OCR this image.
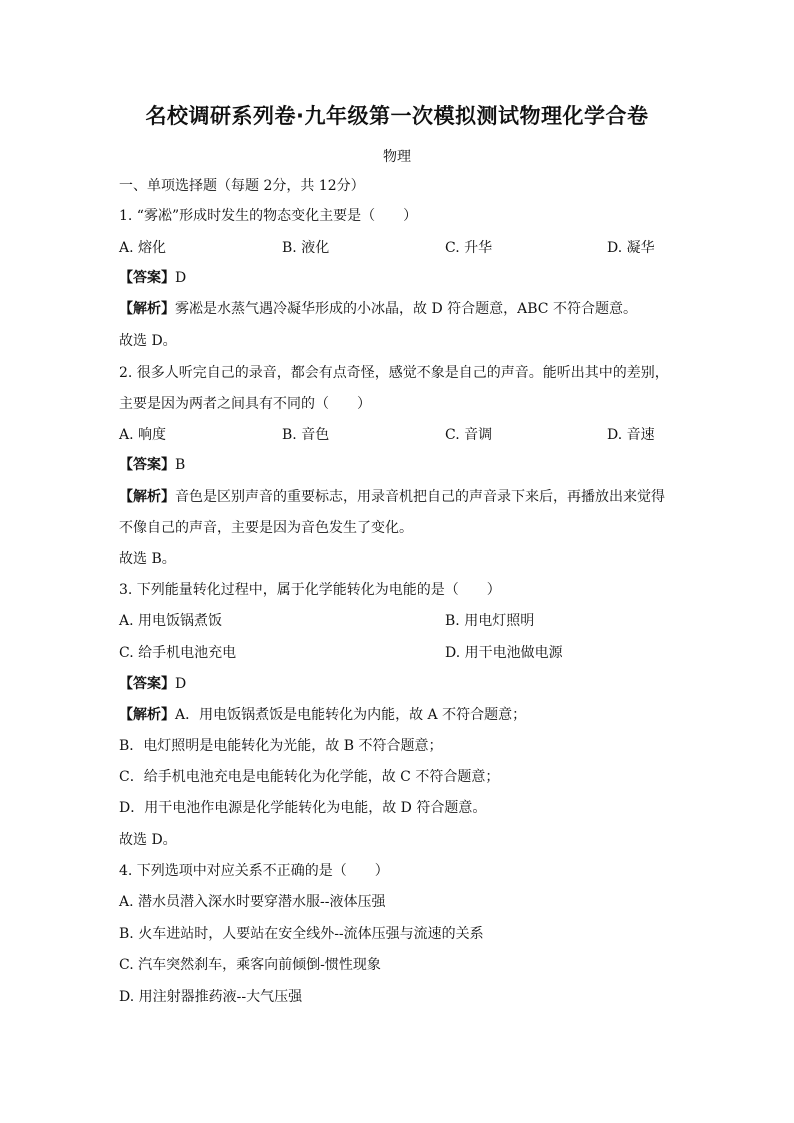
名校调研系列卷·九年级第一次模拟测试物理化学合卷
物理
一、单项选择题（每题 2分，共 12分）
1. “雾凇”形成时发生的物态变化主要是（　　）
A. 熔化	B. 液化	C. 升华	D. 凝华
【答案】D
【解析】雾凇是水蒸气遇冷凝华形成的小冰晶，故 D 符合题意，ABC 不符合题意。
故选 D。
2. 很多人听完自己的录音，都会有点奇怪，感觉不象是自己的声音。能听出其中的差别，
主要是因为两者之间具有不同的（　　）
A. 响度	B. 音色	C. 音调	D. 音速
【答案】B
【解析】音色是区别声音的重要标志，用录音机把自己的声音录下来后，再播放出来觉得
不像自己的声音，主要是因为音色发生了变化。
故选 B。
3. 下列能量转化过程中，属于化学能转化为电能的是（　　）
A. 用电饭锅煮饭	B. 用电灯照明
C. 给手机电池充电	D. 用干电池做电源
【答案】D
【解析】A．用电饭锅煮饭是电能转化为内能，故 A 不符合题意；
B．电灯照明是电能转化为光能，故 B 不符合题意；
C．给手机电池充电是电能转化为化学能，故 C 不符合题意；
D．用干电池作电源是化学能转化为电能，故 D 符合题意。
故选 D。
4. 下列选项中对应关系不正确的是（　　）
A. 潜水员潜入深水时要穿潜水服--液体压强
B. 火车进站时，人要站在安全线外--流体压强与流速的关系
C. 汽车突然刹车，乘客向前倾倒-惯性现象
D. 用注射器推药液--大气压强
